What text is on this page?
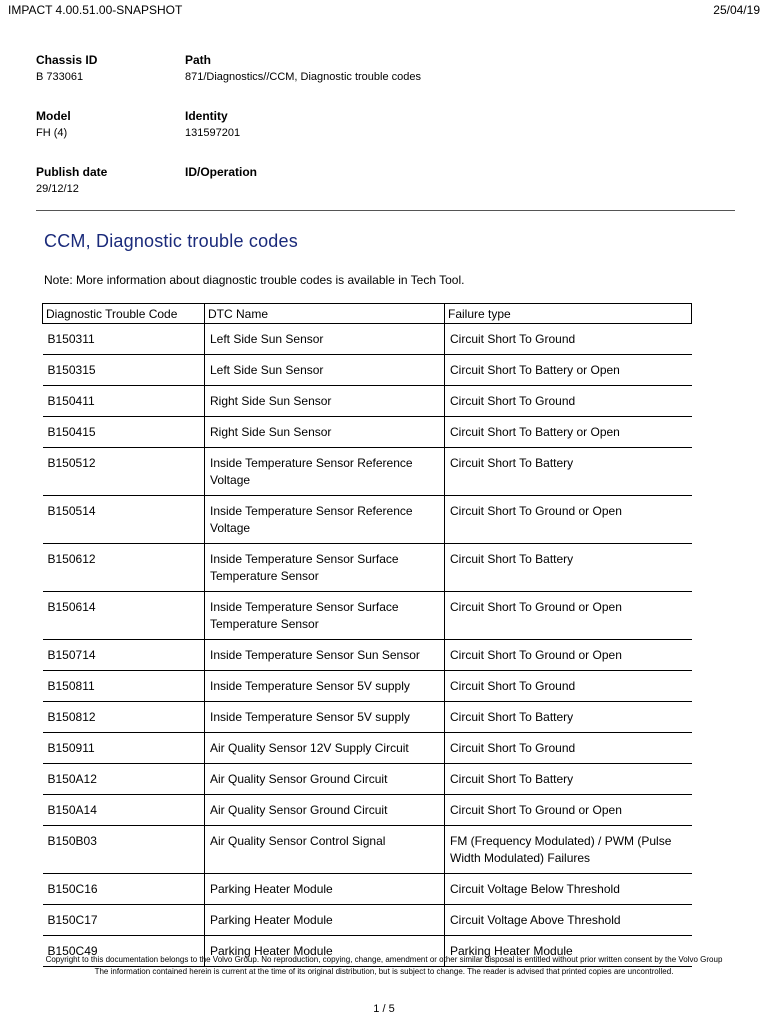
IMPACT 4.00.51.00-SNAPSHOT	25/04/19
Chassis ID
B 733061
Path
871/Diagnostics//CCM, Diagnostic trouble codes
Model
FH (4)
Identity
131597201
Publish date
29/12/12
ID/Operation
CCM, Diagnostic trouble codes
Note: More information about diagnostic trouble codes is available in Tech Tool.
Diagnostic Trouble Code	DTC Name	Failure type
B150311	Left Side Sun Sensor	Circuit Short To Ground
B150315	Left Side Sun Sensor	Circuit Short To Battery or Open
B150411	Right Side Sun Sensor	Circuit Short To Ground
B150415	Right Side Sun Sensor	Circuit Short To Battery or Open
B150512	Inside Temperature Sensor Reference Voltage	Circuit Short To Battery
B150514	Inside Temperature Sensor Reference Voltage	Circuit Short To Ground or Open
B150612	Inside Temperature Sensor Surface Temperature Sensor	Circuit Short To Battery
B150614	Inside Temperature Sensor Surface Temperature Sensor	Circuit Short To Ground or Open
B150714	Inside Temperature Sensor Sun Sensor	Circuit Short To Ground or Open
B150811	Inside Temperature Sensor 5V supply	Circuit Short To Ground
B150812	Inside Temperature Sensor 5V supply	Circuit Short To Battery
B150911	Air Quality Sensor 12V Supply Circuit	Circuit Short To Ground
B150A12	Air Quality Sensor Ground Circuit	Circuit Short To Battery
B150A14	Air Quality Sensor Ground Circuit	Circuit Short To Ground or Open
B150B03	Air Quality Sensor Control Signal	FM (Frequency Modulated) / PWM (Pulse Width Modulated) Failures
B150C16	Parking Heater Module	Circuit Voltage Below Threshold
B150C17	Parking Heater Module	Circuit Voltage Above Threshold
B150C49	Parking Heater Module	Parking Heater Module
Copyright to this documentation belongs to the Volvo Group. No reproduction, copying, change, amendment or other similar disposal is entitled without prior written consent by the Volvo Group
The information contained herein is current at the time of its original distribution, but is subject to change. The reader is advised that printed copies are uncontrolled.
1 / 5
